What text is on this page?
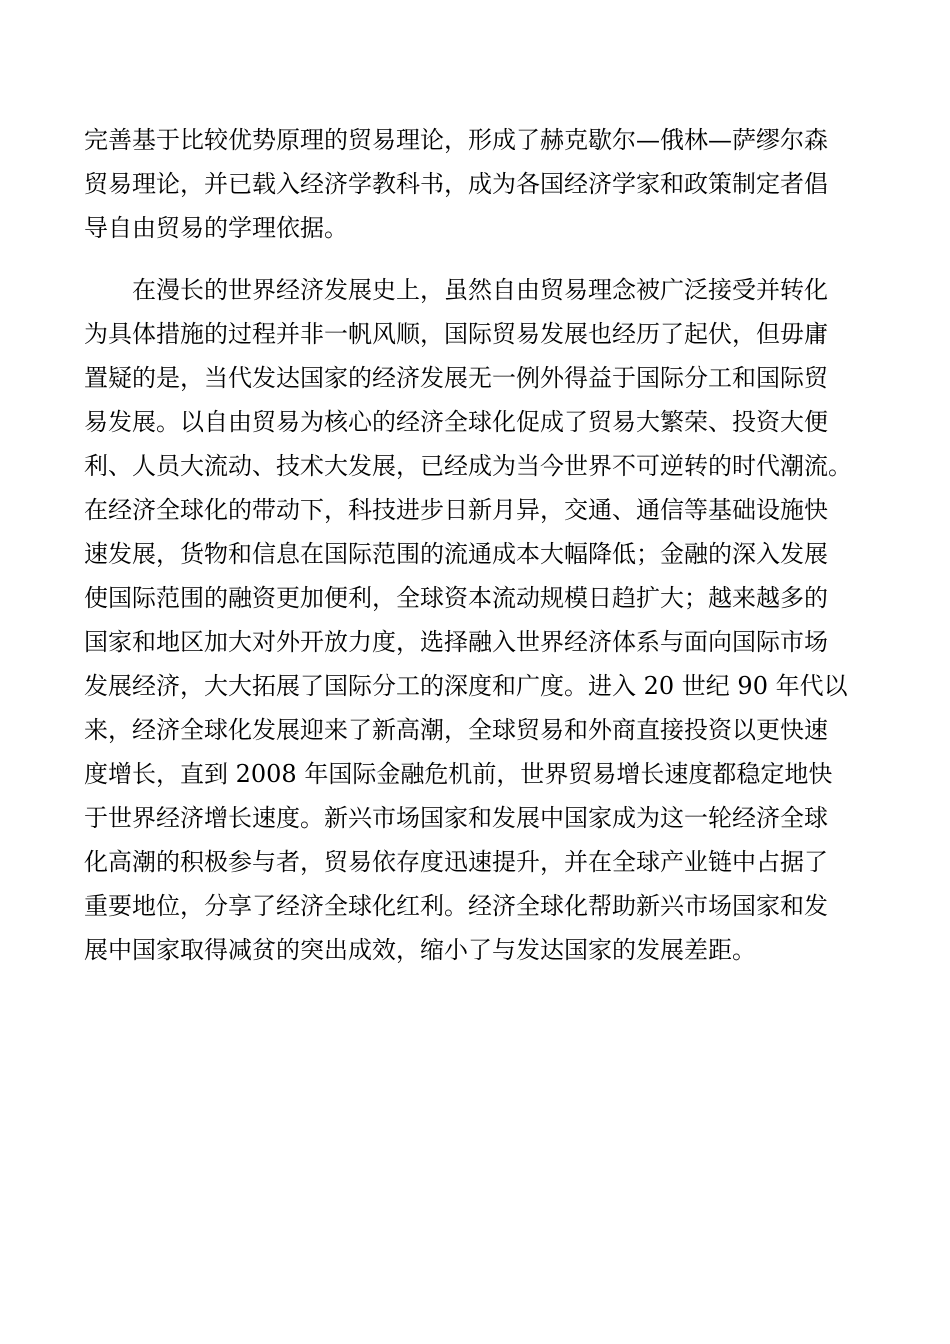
完善基于比较优势原理的贸易理论，形成了赫克歇尔—俄林—萨缪尔森
贸易理论，并已载入经济学教科书，成为各国经济学家和政策制定者倡
导自由贸易的学理依据。

在漫长的世界经济发展史上，虽然自由贸易理念被广泛接受并转化
为具体措施的过程并非一帆风顺，国际贸易发展也经历了起伏，但毋庸
置疑的是，当代发达国家的经济发展无一例外得益于国际分工和国际贸
易发展。以自由贸易为核心的经济全球化促成了贸易大繁荣、投资大便
利、人员大流动、技术大发展，已经成为当今世界不可逆转的时代潮流。
在经济全球化的带动下，科技进步日新月异，交通、通信等基础设施快
速发展，货物和信息在国际范围的流通成本大幅降低；金融的深入发展
使国际范围的融资更加便利，全球资本流动规模日趋扩大；越来越多的
国家和地区加大对外开放力度，选择融入世界经济体系与面向国际市场
发展经济，大大拓展了国际分工的深度和广度。进入 20 世纪 90 年代以
来，经济全球化发展迎来了新高潮，全球贸易和外商直接投资以更快速
度增长，直到 2008 年国际金融危机前，世界贸易增长速度都稳定地快
于世界经济增长速度。新兴市场国家和发展中国家成为这一轮经济全球
化高潮的积极参与者，贸易依存度迅速提升，并在全球产业链中占据了
重要地位，分享了经济全球化红利。经济全球化帮助新兴市场国家和发
展中国家取得减贫的突出成效，缩小了与发达国家的发展差距。
